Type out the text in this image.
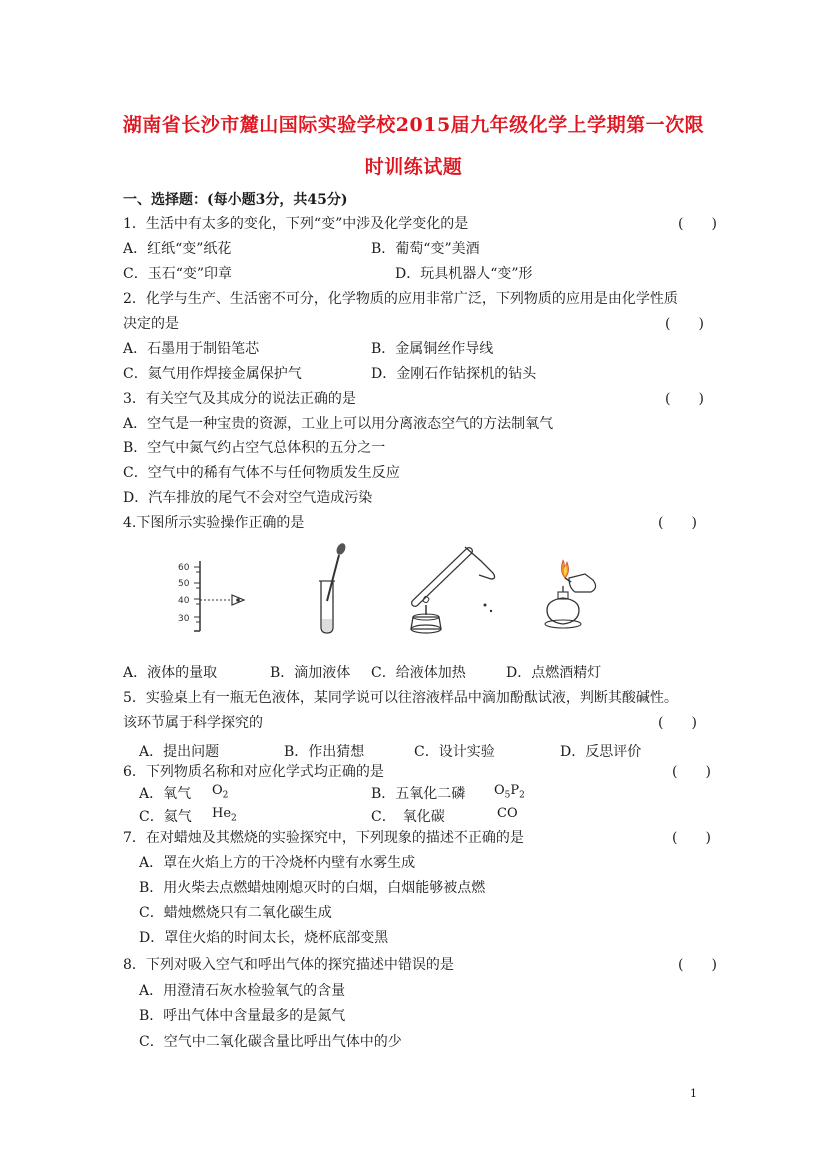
湖南省长沙市麓山国际实验学校2015届九年级化学上学期第一次限
时训练试题
一、选择题：(每小题3分，共45分)
1．生活中有太多的变化，下列“变”中涉及化学变化的是	(　　)
A．红纸“变”纸花	B．葡萄“变”美酒
C．玉石“变”印章	D．玩具机器人“变”形
2．化学与生产、生活密不可分，化学物质的应用非常广泛，下列物质的应用是由化学性质
决定的是	(　　)
A．石墨用于制铅笔芯	B．金属铜丝作导线
C．氦气用作焊接金属保护气	D．金刚石作钻探机的钻头
3．有关空气及其成分的说法正确的是	(　　)
A．空气是一种宝贵的资源，工业上可以用分离液态空气的方法制氧气
B．空气中氮气约占空气总体积的五分之一
C．空气中的稀有气体不与任何物质发生反应
D．汽车排放的尾气不会对空气造成污染
4.下图所示实验操作正确的是	(　　)
60
50
40
30
A．液体的量取	B．滴加液体 C．给液体加热	D．点燃酒精灯
5．实验桌上有一瓶无色液体，某同学说可以往溶液样品中滴加酚酞试液，判断其酸碱性。
该环节属于科学探究的	(　　)
A．提出问题	B．作出猜想	C．设计实验	D．反思评价
6．下列物质名称和对应化学式均正确的是	(　　)
A．氧气 $O_2$	B．五氧化二磷 $O_5P_2$
C．氦气 $He_2$	C．　氧化碳	CO
7．在对蜡烛及其燃烧的实验探究中，下列现象的描述不正确的是	(　　)
A．罩在火焰上方的干冷烧杯内壁有水雾生成
B．用火柴去点燃蜡烛刚熄灭时的白烟，白烟能够被点燃
C．蜡烛燃烧只有二氧化碳生成
D．罩住火焰的时间太长，烧杯底部变黑
8．下列对吸入空气和呼出气体的探究描述中错误的是	(　　)
A．用澄清石灰水检验氧气的含量
B．呼出气体中含量最多的是氮气
C．空气中二氧化碳含量比呼出气体中的少
1
